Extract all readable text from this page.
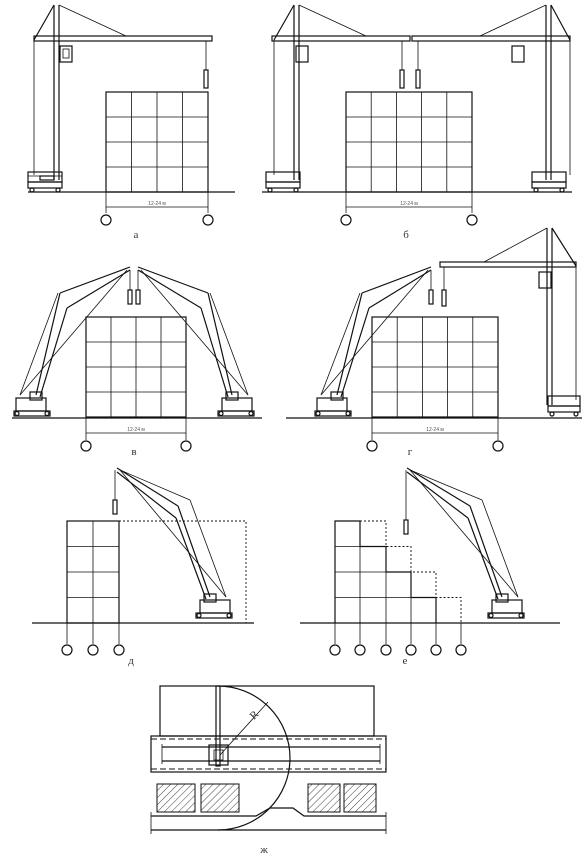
12-24 м
а
12-24 м
б
12-24 м
в
12-24 м
г
д	е
R
ж
